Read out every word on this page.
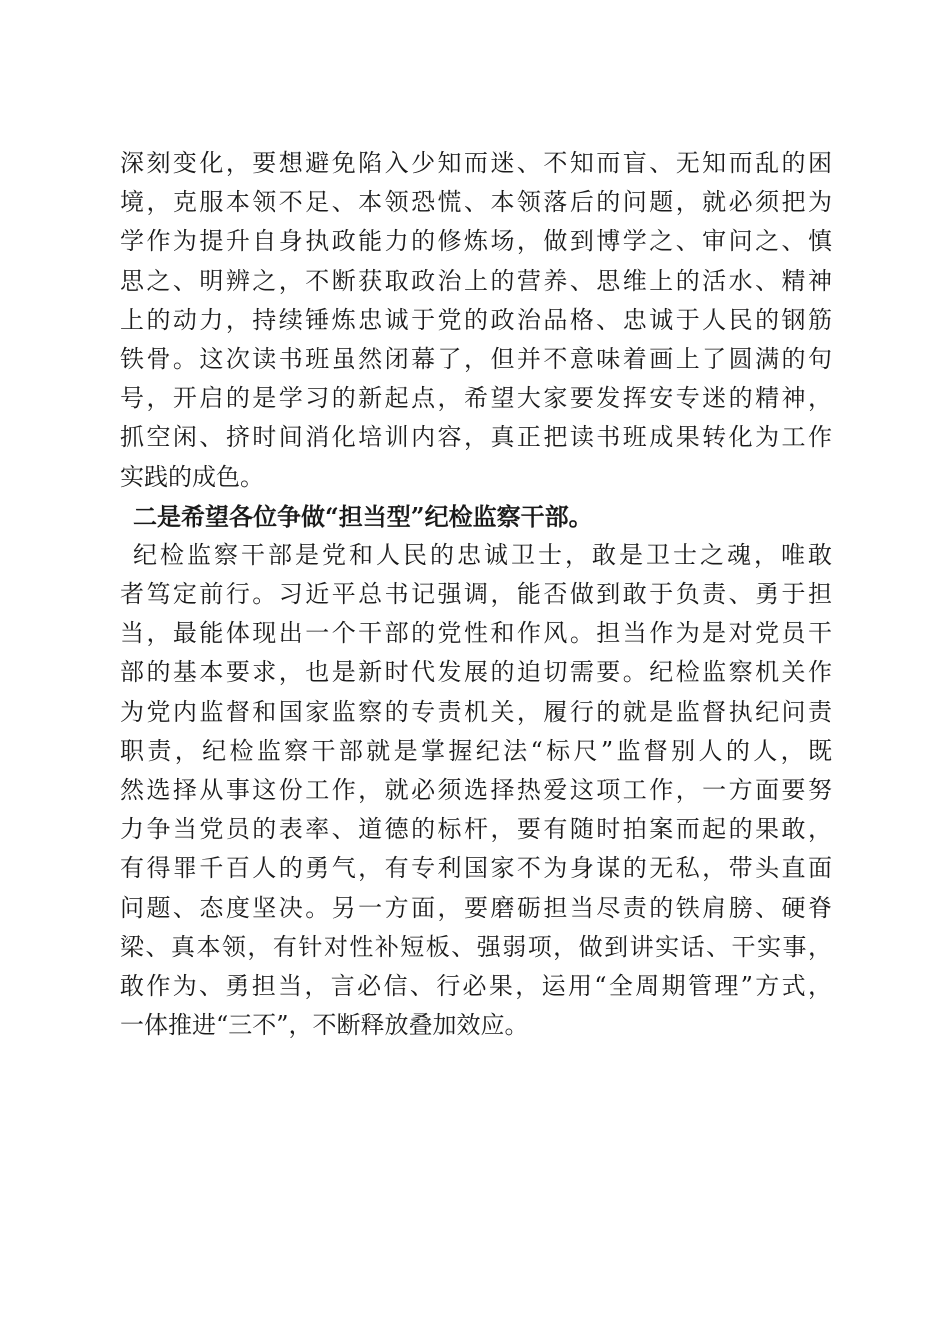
深刻变化，要想避免陷入少知而迷、不知而盲、无知而乱的困
境，克服本领不足、本领恐慌、本领落后的问题，就必须把为
学作为提升自身执政能力的修炼场，做到博学之、审问之、慎
思之、明辨之，不断获取政治上的营养、思维上的活水、精神
上的动力，持续锤炼忠诚于党的政治品格、忠诚于人民的钢筋
铁骨。这次读书班虽然闭幕了，但并不意味着画上了圆满的句
号，开启的是学习的新起点，希望大家要发挥安专迷的精神，
抓空闲、挤时间消化培训内容，真正把读书班成果转化为工作
实践的成色。
二是希望各位争做“担当型”纪检监察干部。
纪检监察干部是党和人民的忠诚卫士，敢是卫士之魂，唯敢
者笃定前行。习近平总书记强调，能否做到敢于负责、勇于担
当，最能体现出一个干部的党性和作风。担当作为是对党员干
部的基本要求，也是新时代发展的迫切需要。纪检监察机关作
为党内监督和国家监察的专责机关，履行的就是监督执纪问责
职责，纪检监察干部就是掌握纪法“标尺”监督别人的人，既
然选择从事这份工作，就必须选择热爱这项工作，一方面要努
力争当党员的表率、道德的标杆，要有随时拍案而起的果敢，
有得罪千百人的勇气，有专利国家不为身谋的无私，带头直面
问题、态度坚决。另一方面，要磨砺担当尽责的铁肩膀、硬脊
梁、真本领，有针对性补短板、强弱项，做到讲实话、干实事，
敢作为、勇担当，言必信、行必果，运用“全周期管理”方式，
一体推进“三不”，不断释放叠加效应。
